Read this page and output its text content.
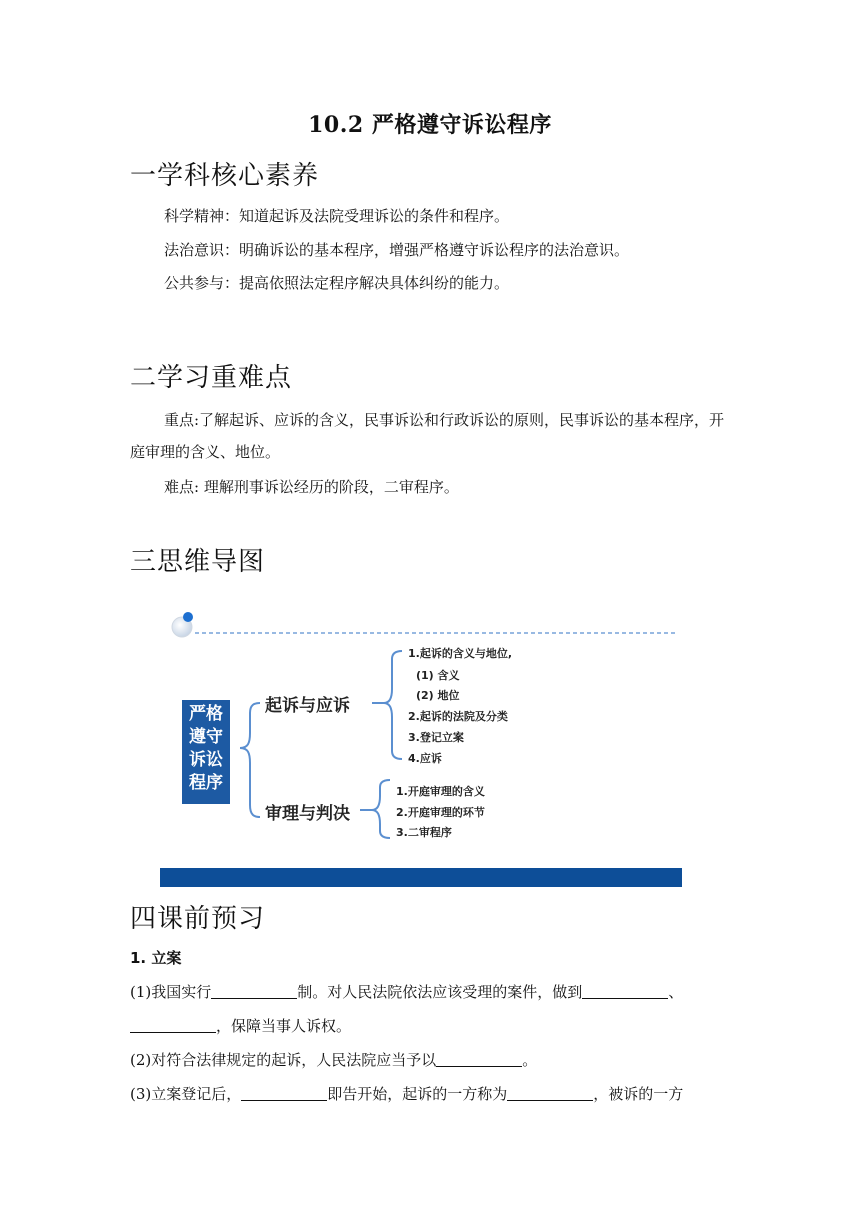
10.2 严格遵守诉讼程序
一学科核心素养
科学精神：知道起诉及法院受理诉讼的条件和程序。
法治意识：明确诉讼的基本程序，增强严格遵守诉讼程序的法治意识。
公共参与：提高依照法定程序解决具体纠纷的能力。
二学习重难点
重点:了解起诉、应诉的含义，民事诉讼和行政诉讼的原则，民事诉讼的基本程序，开庭审理的含义、地位。
难点: 理解刑事诉讼经历的阶段，二审程序。
三思维导图
严格
遵守
诉讼
程序
起诉与应诉
1.起诉的含义与地位,
(1) 含义
(2) 地位
2.起诉的法院及分类
3.登记立案
4.应诉
审理与判决
1.开庭审理的含义
2.开庭审理的环节
3.二审程序
四课前预习
1. 立案
(1)我国实行	制。对人民法院依法应该受理的案件，做到	、
，保障当事人诉权。
(2)对符合法律规定的起诉，人民法院应当予以	。
(3)立案登记后，	即告开始，起诉的一方称为	，被诉的一方
